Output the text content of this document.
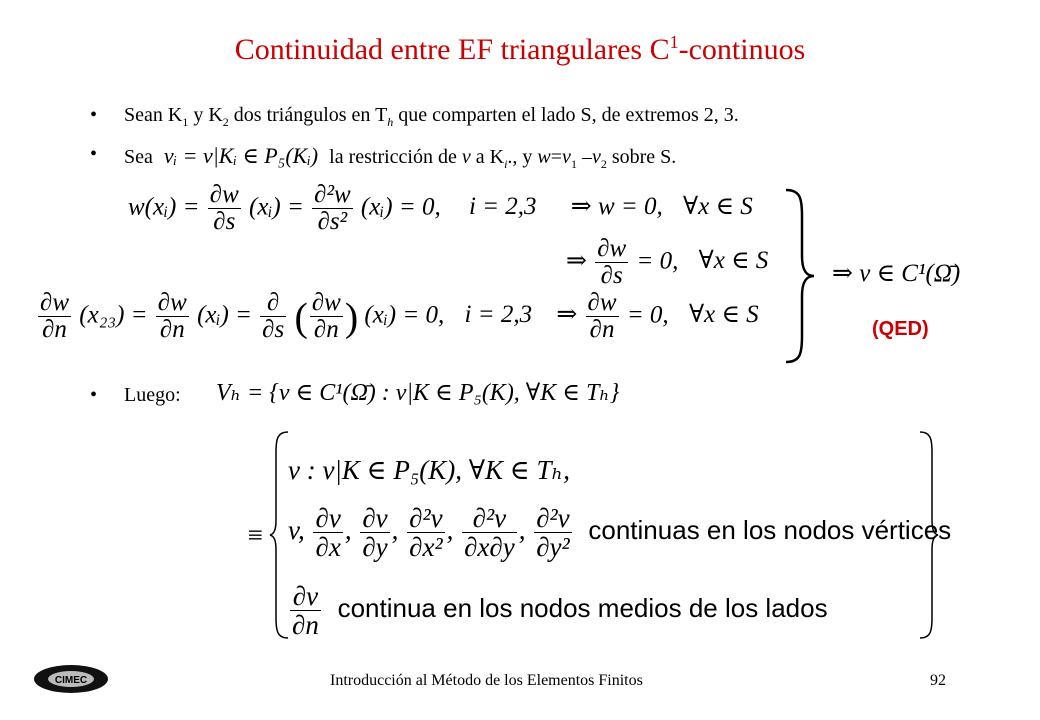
Continuidad entre EF triangulares $C^1$-continuos
• Sean $K_1$ y $K_2$ dos triángulos en $T_h$ que comparten el lado S, de extremos 2, 3.
• Sea vᵢ = v|Kᵢ ∈ P₅(Kᵢ) la restricción de v a $K_i$., y $w=v_1$ $-v_2$ sobre S.
w(xᵢ) = $\frac{\partial w}{\partial s}$ (xᵢ) = $\frac{\text{∂²w}}{\text{∂s²}}$ (xᵢ) = 0, i = 2,3 ⇒ w = 0, ∀x ∈ S
⇒ $\frac{\partial w}{\partial s} = 0$, ∀x ∈ S	⇒ v ∈ C¹(Ω̄)
$\frac{\partial w}{\partial n} (x_{23}) = \frac{\partial w}{\partial n}$ (xᵢ) = $\frac{\partial}{\partial s}$ ( $\frac{\partial w}{\partial n}$ ) (xᵢ) = 0, i = 2,3 ⇒ $\frac{\partial w}{\partial n} = 0$, ∀x ∈ S
(QED)
• Luego: Vₕ = {v ∈ C¹(Ω̄) : v|K ∈ P₅(K), ∀K ∈ Tₕ}
≡
v : v|K ∈ P₅(K), ∀K ∈ Tₕ,
v, $\frac{\partial v}{\partial x}$ , $\frac{\partial v}{\partial y}$ , $\frac{\text{∂²v}}{\text{∂x²}}$ , $\frac{\text{∂²v}}{\partial x\partial y}$ , $\frac{\text{∂²v}}{\text{∂y²}}$ continuas en los nodos vértices
$\frac{\partial v}{\partial n}$ continua en los nodos medios de los lados
CIMEC	Introducción al Método de los Elementos Finitos	92
